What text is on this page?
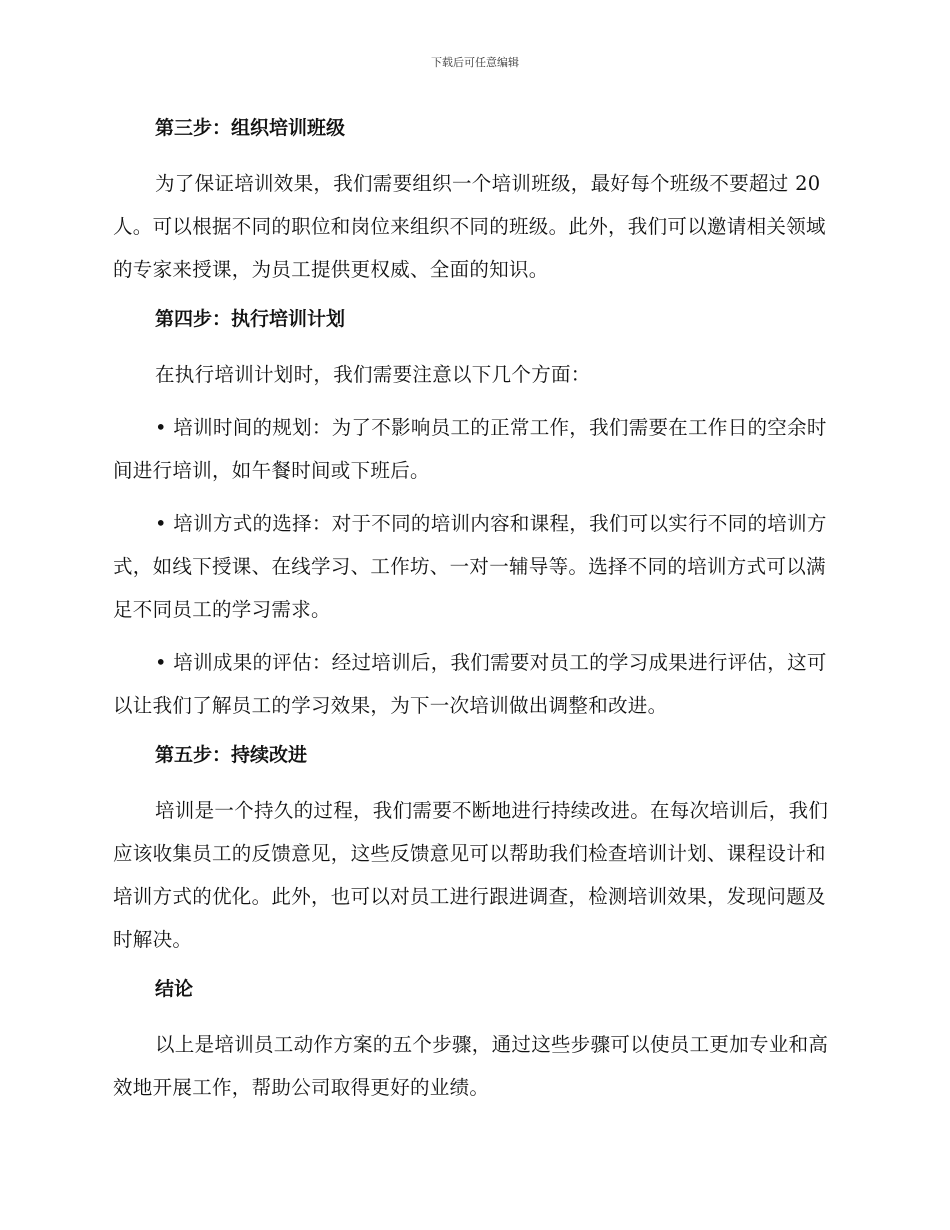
下载后可任意编辑
第三步：组织培训班级

为了保证培训效果，我们需要组织一个培训班级，最好每个班级不要超过 20 人。可以根据不同的职位和岗位来组织不同的班级。此外，我们可以邀请相关领域的专家来授课，为员工提供更权威、全面的知识。

第四步：执行培训计划

在执行培训计划时，我们需要注意以下几个方面：

• 培训时间的规划：为了不影响员工的正常工作，我们需要在工作日的空余时间进行培训，如午餐时间或下班后。

• 培训方式的选择：对于不同的培训内容和课程，我们可以实行不同的培训方式，如线下授课、在线学习、工作坊、一对一辅导等。选择不同的培训方式可以满足不同员工的学习需求。

• 培训成果的评估：经过培训后，我们需要对员工的学习成果进行评估，这可以让我们了解员工的学习效果，为下一次培训做出调整和改进。

第五步：持续改进

培训是一个持久的过程，我们需要不断地进行持续改进。在每次培训后，我们应该收集员工的反馈意见，这些反馈意见可以帮助我们检查培训计划、课程设计和培训方式的优化。此外，也可以对员工进行跟进调查，检测培训效果，发现问题及时解决。

结论

以上是培训员工动作方案的五个步骤，通过这些步骤可以使员工更加专业和高效地开展工作，帮助公司取得更好的业绩。
